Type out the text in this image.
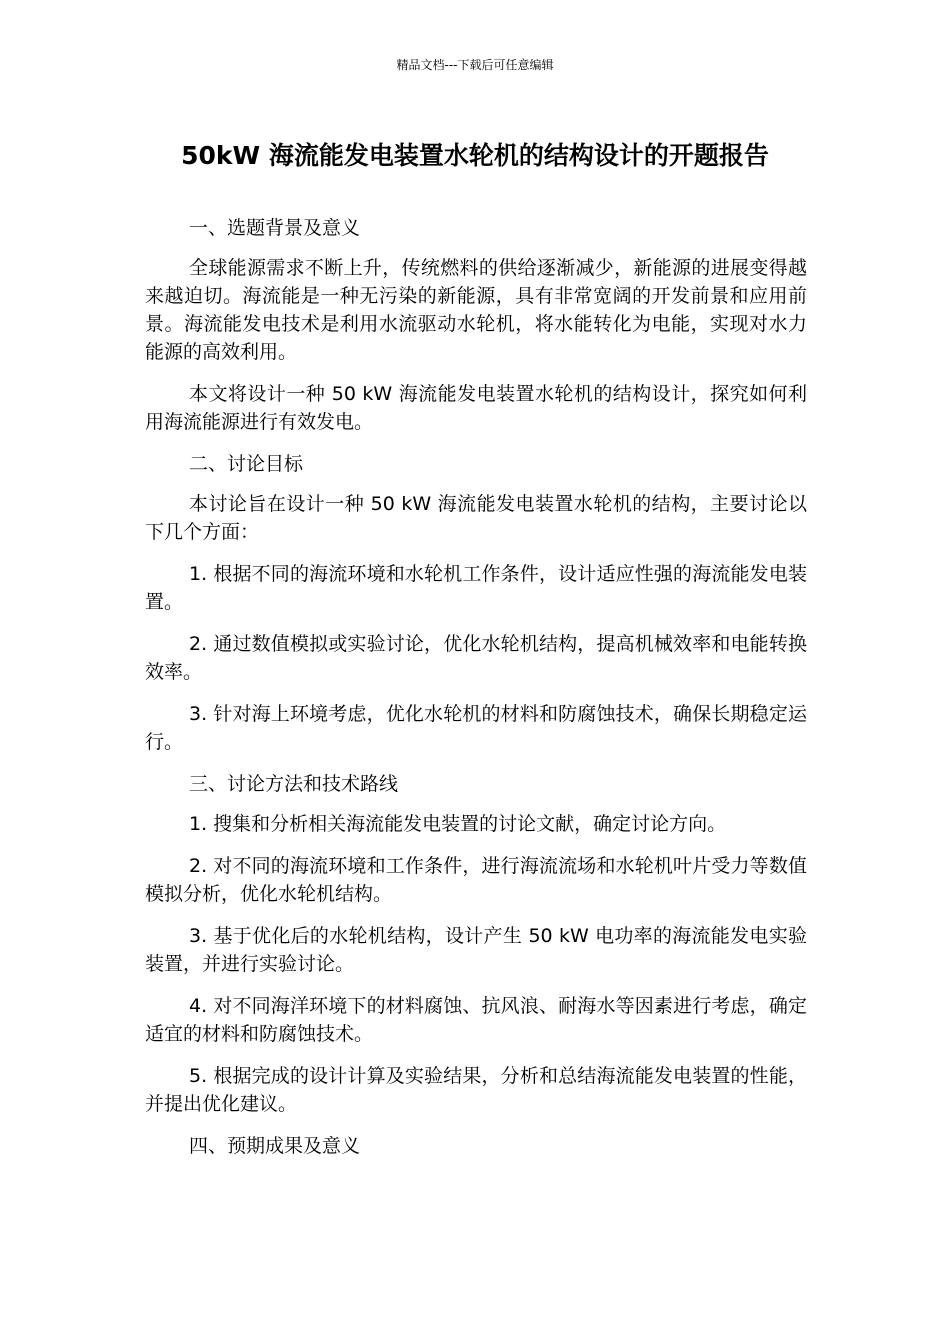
精品文档---下载后可任意编辑
50kW 海流能发电装置水轮机的结构设计的开题报告

一、选题背景及意义

全球能源需求不断上升，传统燃料的供给逐渐减少，新能源的进展变得越来越迫切。海流能是一种无污染的新能源，具有非常宽阔的开发前景和应用前景。海流能发电技术是利用水流驱动水轮机，将水能转化为电能，实现对水力能源的高效利用。

本文将设计一种 50 kW 海流能发电装置水轮机的结构设计，探究如何利用海流能源进行有效发电。

二、讨论目标

本讨论旨在设计一种 50 kW 海流能发电装置水轮机的结构，主要讨论以下几个方面：

1. 根据不同的海流环境和水轮机工作条件，设计适应性强的海流能发电装置。

2. 通过数值模拟或实验讨论，优化水轮机结构，提高机械效率和电能转换效率。

3. 针对海上环境考虑，优化水轮机的材料和防腐蚀技术，确保长期稳定运行。

三、讨论方法和技术路线

1. 搜集和分析相关海流能发电装置的讨论文献，确定讨论方向。

2. 对不同的海流环境和工作条件，进行海流流场和水轮机叶片受力等数值模拟分析，优化水轮机结构。

3. 基于优化后的水轮机结构，设计产生 50 kW 电功率的海流能发电实验装置，并进行实验讨论。

4. 对不同海洋环境下的材料腐蚀、抗风浪、耐海水等因素进行考虑，确定适宜的材料和防腐蚀技术。

5. 根据完成的设计计算及实验结果，分析和总结海流能发电装置的性能，并提出优化建议。

四、预期成果及意义
